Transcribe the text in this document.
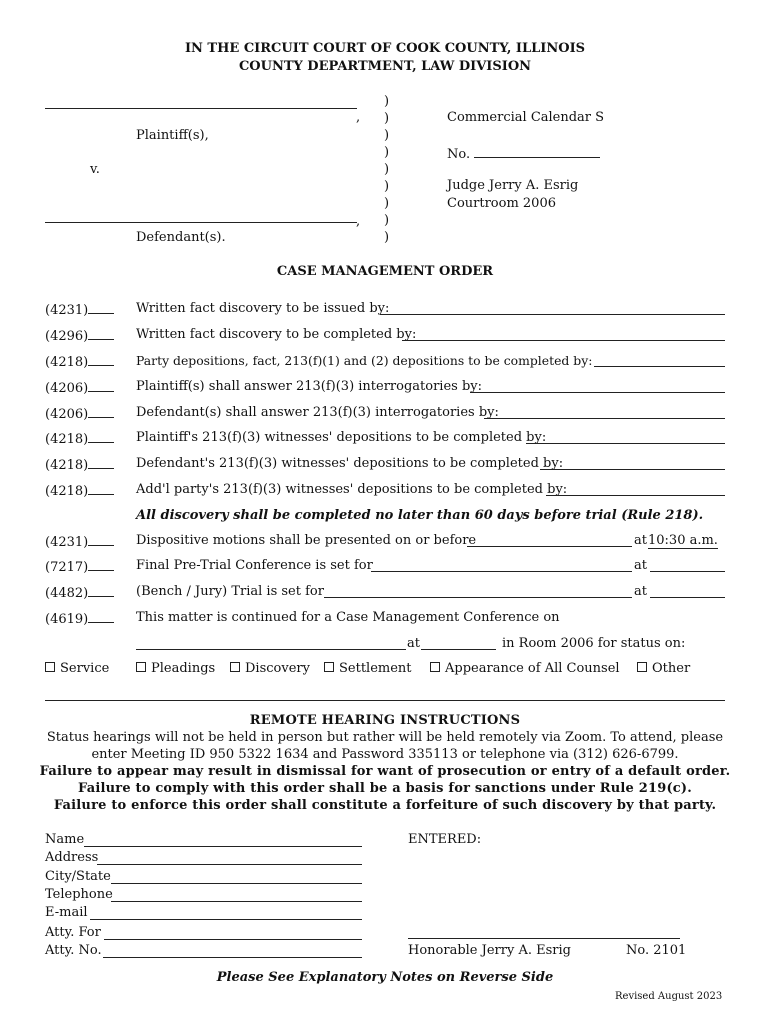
IN THE CIRCUIT COURT OF COOK COUNTY, ILLINOIS
COUNTY DEPARTMENT, LAW DIVISION
,
Plaintiff(s),
v.
,
Defendant(s).
)
)
)
)
)
)
)
)
)
Commercial Calendar S
No.
Judge Jerry A. Esrig
Courtroom 2006
CASE MANAGEMENT ORDER
(4231)	Written fact discovery to be issued by:
(4296)	Written fact discovery to be completed by:
(4218)	Party depositions, fact, 213(f)(1) and (2) depositions to be completed by:
(4206)	Plaintiff(s) shall answer 213(f)(3) interrogatories by:
(4206)	Defendant(s) shall answer 213(f)(3) interrogatories by:
(4218)	Plaintiff's 213(f)(3) witnesses' depositions to be completed by:
(4218)	Defendant's 213(f)(3) witnesses' depositions to be completed by:
(4218)	Add'l party's 213(f)(3) witnesses' depositions to be completed by:
All discovery shall be completed no later than 60 days before trial (Rule 218).
(4231)	Dispositive motions shall be presented on or before	at 10:30 a.m.
(7217)	Final Pre-Trial Conference is set for	at
(4482)	(Bench / Jury) Trial is set for	at
(4619)	This matter is continued for a Case Management Conference on
at	in Room 2006 for status on:
Service	Pleadings	Discovery	Settlement	Appearance of All Counsel	Other
REMOTE HEARING INSTRUCTIONS
Status hearings will not be held in person but rather will be held remotely via Zoom. To attend, please
enter Meeting ID 950 5322 1634 and Password 335113 or telephone via (312) 626-6799.
Failure to appear may result in dismissal for want of prosecution or entry of a default order.
Failure to comply with this order shall be a basis for sanctions under Rule 219(c).
Failure to enforce this order shall constitute a forfeiture of such discovery by that party.
Name
Address
City/State
Telephone
E-mail
Atty. For
Atty. No.
ENTERED:
Honorable Jerry A. Esrig	No. 2101
Please See Explanatory Notes on Reverse Side
Revised August 2023
